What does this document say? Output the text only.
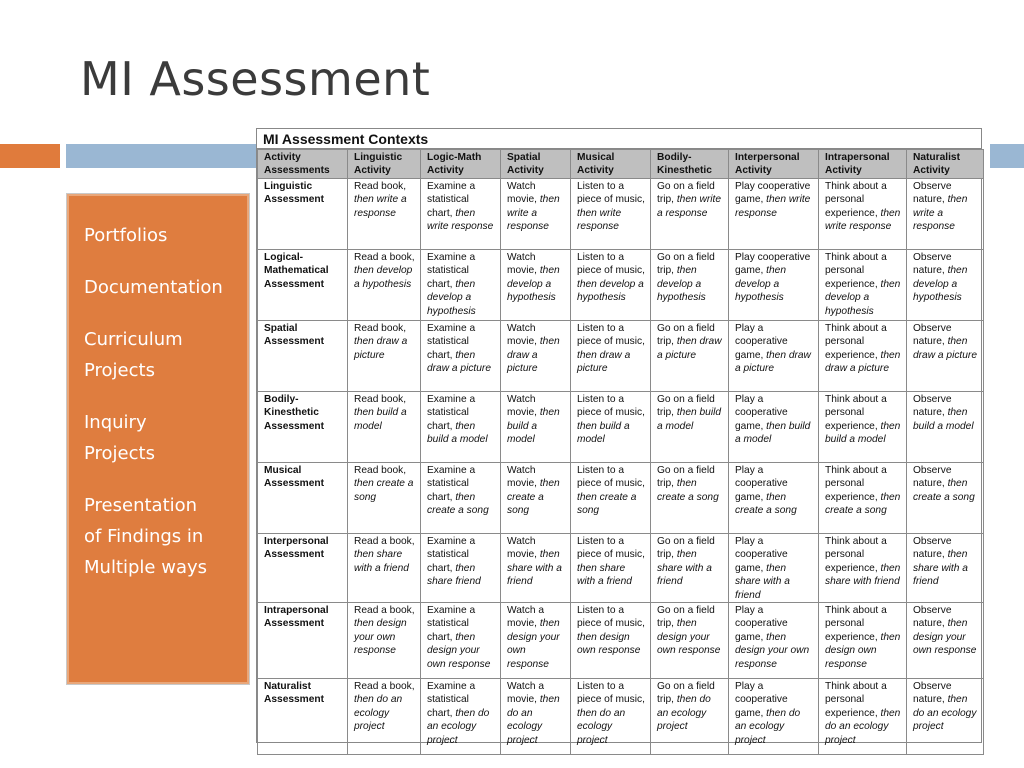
MI Assessment
Portfolios
Documentation
Curriculum
Projects
Inquiry
Projects
Presentation
of Findings in
Multiple ways
MI Assessment Contexts
Activity Assessments	Linguistic Activity	Logic-Math Activity	Spatial Activity	Musical Activity	Bodily-Kinesthetic	Interpersonal Activity	Intrapersonal Activity	Naturalist Activity
Linguistic Assessment	Read book, then write a response	Examine a statistical chart, then write response	Watch movie, then write a response	Listen to a piece of music, then write response	Go on a field trip, then write a response	Play cooperative game, then write response	Think about a personal experience, then write response	Observe nature, then write a response
Logical-Mathematical Assessment	Read a book, then develop a hypothesis	Examine a statistical chart, then develop a hypothesis	Watch movie, then develop a hypothesis	Listen to a piece of music, then develop a hypothesis	Go on a field trip, then develop a hypothesis	Play cooperative game, then develop a hypothesis	Think about a personal experience, then develop a hypothesis	Observe nature, then develop a hypothesis
Spatial Assessment	Read book, then draw a picture	Examine a statistical chart, then draw a picture	Watch movie, then draw a picture	Listen to a piece of music, then draw a picture	Go on a field trip, then draw a picture	Play a cooperative game, then draw a picture	Think about a personal experience, then draw a picture	Observe nature, then draw a picture
Bodily-Kinesthetic Assessment	Read book, then build a model	Examine a statistical chart, then build a model	Watch movie, then build a model	Listen to a piece of music, then build a model	Go on a field trip, then build a model	Play a cooperative game, then build a model	Think about a personal experience, then build a model	Observe nature, then build a model
Musical Assessment	Read book, then create a song	Examine a statistical chart, then create a song	Watch movie, then create a song	Listen to a piece of music, then create a song	Go on a field trip, then create a song	Play a cooperative game, then create a song	Think about a personal experience, then create a song	Observe nature, then create a song
Interpersonal Assessment	Read a book, then share with a friend	Examine a statistical chart, then share friend	Watch movie, then share with a friend	Listen to a piece of music, then share with a friend	Go on a field trip, then share with a friend	Play a cooperative game, then share with a friend	Think about a personal experience, then share with friend	Observe nature, then share with a friend
Intrapersonal Assessment	Read a book, then design your own response	Examine a statistical chart, then design your own response	Watch a movie, then design your own response	Listen to a piece of music, then design own response	Go on a field trip, then design your own response	Play a cooperative game, then design your own response	Think about a personal experience, then design own response	Observe nature, then design your own response
Naturalist Assessment	Read a book, then do an ecology project	Examine a statistical chart, then do an ecology project	Watch a movie, then do an ecology project	Listen to a piece of music, then do an ecology project	Go on a field trip, then do an ecology project	Play a cooperative game, then do an ecology project	Think about a personal experience, then do an ecology project	Observe nature, then do an ecology project
